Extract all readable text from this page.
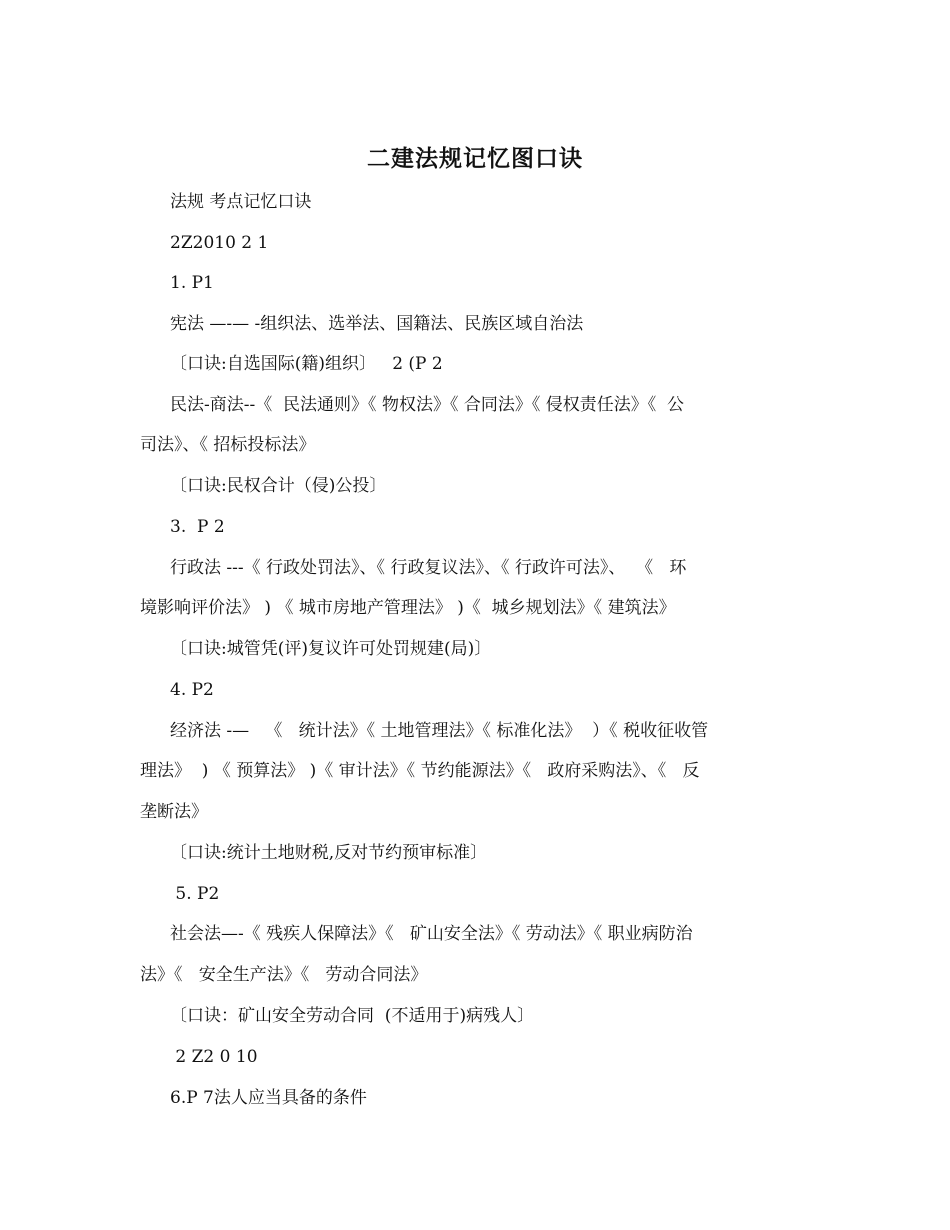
二建法规记忆图口诀
法规 考点记忆口诀
2Z2010 2 1
1. P1
宪法 —-— -组织法、选举法、国籍法、民族区域自治法
〔口诀:自选国际(籍)组织〕   2 (P 2
民法-商法--《  民法通则》《 物权法》《 合同法》《 侵权责任法》《  公
司法》、《 招标投标法》
〔口诀:民权合计（侵)公投〕
3.  P 2
行政法 ---《 行政处罚法》、《 行政复议法》、《 行政许可法》、  《   环
境影响评价法》 ) 《 城市房地产管理法》 )《  城乡规划法》《 建筑法》
〔口诀:城管凭(评)复议许可处罚规建(局)〕
4. P2
经济法 -—   《   统计法》《 土地管理法》《 标准化法》  ）《 税收征收管
理法》  ) 《 预算法》 )《 审计法》《 节约能源法》《   政府采购法》、《   反
垄断法》
〔口诀:统计土地财税,反对节约预审标准〕
5. P2
社会法—-《 残疾人保障法》《   矿山安全法》《 劳动法》《 职业病防治
法》《   安全生产法》《   劳动合同法》
〔口诀：矿山安全劳动合同  (不适用于)病残人〕
2 Z2 0 10
6.P 7法人应当具备的条件
